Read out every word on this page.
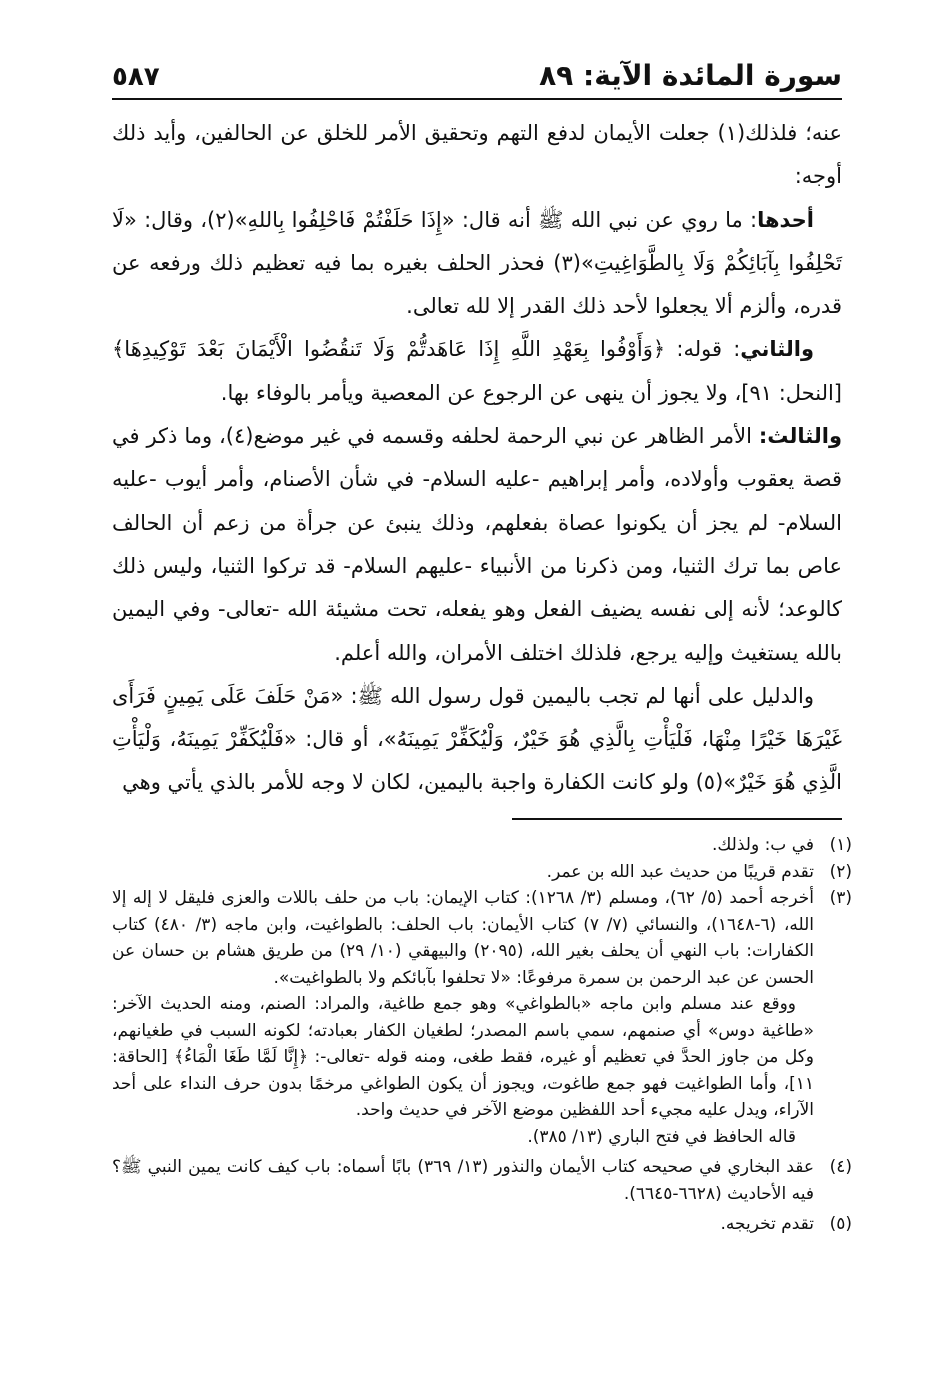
سورة المائدة الآية: ٨٩
٥٨٧

عنه؛ فلذلك(١) جعلت الأيمان لدفع التهم وتحقيق الأمر للخلق عن الحالفين، وأيد ذلك أوجه:

أحدها: ما روي عن نبي الله ﷺ أنه قال: «إِذَا حَلَفْتُمْ فَاحْلِفُوا بِاللهِ»(٢)، وقال: «لَا تَحْلِفُوا بِآبَائِكُمْ وَلَا بِالطَّوَاغِيتِ»(٣) فحذر الحلف بغيره بما فيه تعظيم ذلك ورفعه عن قدره، وألزم ألا يجعلوا لأحد ذلك القدر إلا لله تعالى.

والثاني: قوله: ﴿وَأَوْفُوا بِعَهْدِ اللَّهِ إِذَا عَاهَدتُّمْ وَلَا تَنقُضُوا الْأَيْمَانَ بَعْدَ تَوْكِيدِهَا﴾ [النحل: ٩١]، ولا يجوز أن ينهى عن الرجوع عن المعصية ويأمر بالوفاء بها.

والثالث: الأمر الظاهر عن نبي الرحمة لحلفه وقسمه في غير موضع(٤)، وما ذكر في قصة يعقوب وأولاده، وأمر إبراهيم -عليه السلام- في شأن الأصنام، وأمر أيوب -عليه السلام- لم يجز أن يكونوا عصاة بفعلهم، وذلك ينبئ عن جرأة من زعم أن الحالف عاص بما ترك الثنيا، ومن ذكرنا من الأنبياء -عليهم السلام- قد تركوا الثنيا، وليس ذلك كالوعد؛ لأنه إلى نفسه يضيف الفعل وهو يفعله، تحت مشيئة الله -تعالى- وفي اليمين بالله يستغيث وإليه يرجع، فلذلك اختلف الأمران، والله أعلم.

والدليل على أنها لم تجب باليمين قول رسول الله ﷺ: «مَنْ حَلَفَ عَلَى يَمِينٍ فَرَأَى غَيْرَهَا خَيْرًا مِنْهَا، فَلْيَأْتِ بِالَّذِي هُوَ خَيْرٌ، وَلْيُكَفِّرْ يَمِينَهُ»، أو قال: «فَلْيُكَفِّرْ يَمِينَهُ، وَلْيَأْتِ الَّذِي هُوَ خَيْرٌ»(٥) ولو كانت الكفارة واجبة باليمين، لكان لا وجه للأمر بالذي يأتي وهي

(١)

في ب: ولذلك.

(٢)

تقدم قريبًا من حديث عبد الله بن عمر.

(٣)

أخرجه أحمد (٥/ ٦٢)، ومسلم (٣/ ١٢٦٨): كتاب الإيمان: باب من حلف باللات والعزى فليقل لا إله إلا الله، (٦-١٦٤٨)، والنسائي (٧/ ٧) كتاب الأيمان: باب الحلف: بالطواغيت، وابن ماجه (٣/ ٤٨٠) كتاب الكفارات: باب النهي أن يحلف بغير الله، (٢٠٩٥) والبيهقي (١٠/ ٢٩) من طريق هشام بن حسان عن الحسن عن عبد الرحمن بن سمرة مرفوعًا: «لا تحلفوا بآبائكم ولا بالطواغيت».

ووقع عند مسلم وابن ماجه «بالطواغي» وهو جمع طاغية، والمراد: الصنم، ومنه الحديث الآخر: «طاغية دوس» أي صنمهم، سمي باسم المصدر؛ لطغيان الكفار بعبادته؛ لكونه السبب في طغيانهم، وكل من جاوز الحدَّ في تعظيم أو غيره، فقط طغى، ومنه قوله -تعالى-: ﴿إِنَّا لَمَّا طَغَا الْمَاءُ﴾ [الحاقة: ١١]، وأما الطواغيت فهو جمع طاغوت، ويجوز أن يكون الطواغي مرخمًا بدون حرف النداء على أحد الآراء، ويدل عليه مجيء أحد اللفظين موضع الآخر في حديث واحد.

قاله الحافظ في فتح الباري (١٣/ ٣٨٥).

(٤)

عقد البخاري في صحيحه كتاب الأيمان والنذور (١٣/ ٣٦٩) بابًا أسماه: باب كيف كانت يمين النبي ﷺ؟ فيه الأحاديث (٦٦٢٨-٦٦٤٥).

(٥)

تقدم تخريجه.
